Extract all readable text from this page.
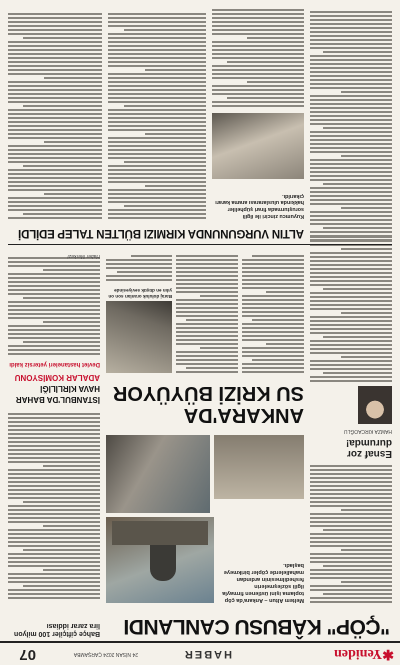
✱Yeniden
HABER
24 NİSAN 2024 ÇARŞAMBA
07
"ÇÖP" KÂBUSU CANLANDI
Meltem Altun – Ankara'da çöp toplama işini üstlenen firmayla ilgili sözleşmelerin feshedilmesinin ardından mahallelerde çöpler birikmeye başladı.
Bahçe çiftçiler 100 milyon lira zarar iddiası
Esnaf zor durumda!
HAMZA KIRCAOĞLU
ANKARA'DA
SU KRİZİ BÜYÜYOR
İSTANBUL'DA BAHAR
HAVA KİRLİLİĞİ
ADALAR KOMİSYONU
Baraj doluluk oranları son on yılın en düşük seviyesinde
Devlet hastaneleri yetersiz kaldı
Haber Merkezi
ALTIN VURGUNUNDA KIRMIZI BÜLTEN TALEP EDİLDİ
Kuyumcu zinciri ile ilgili soruşturmada firari şüpheliler hakkında uluslararası arama kararı çıkarıldı.
